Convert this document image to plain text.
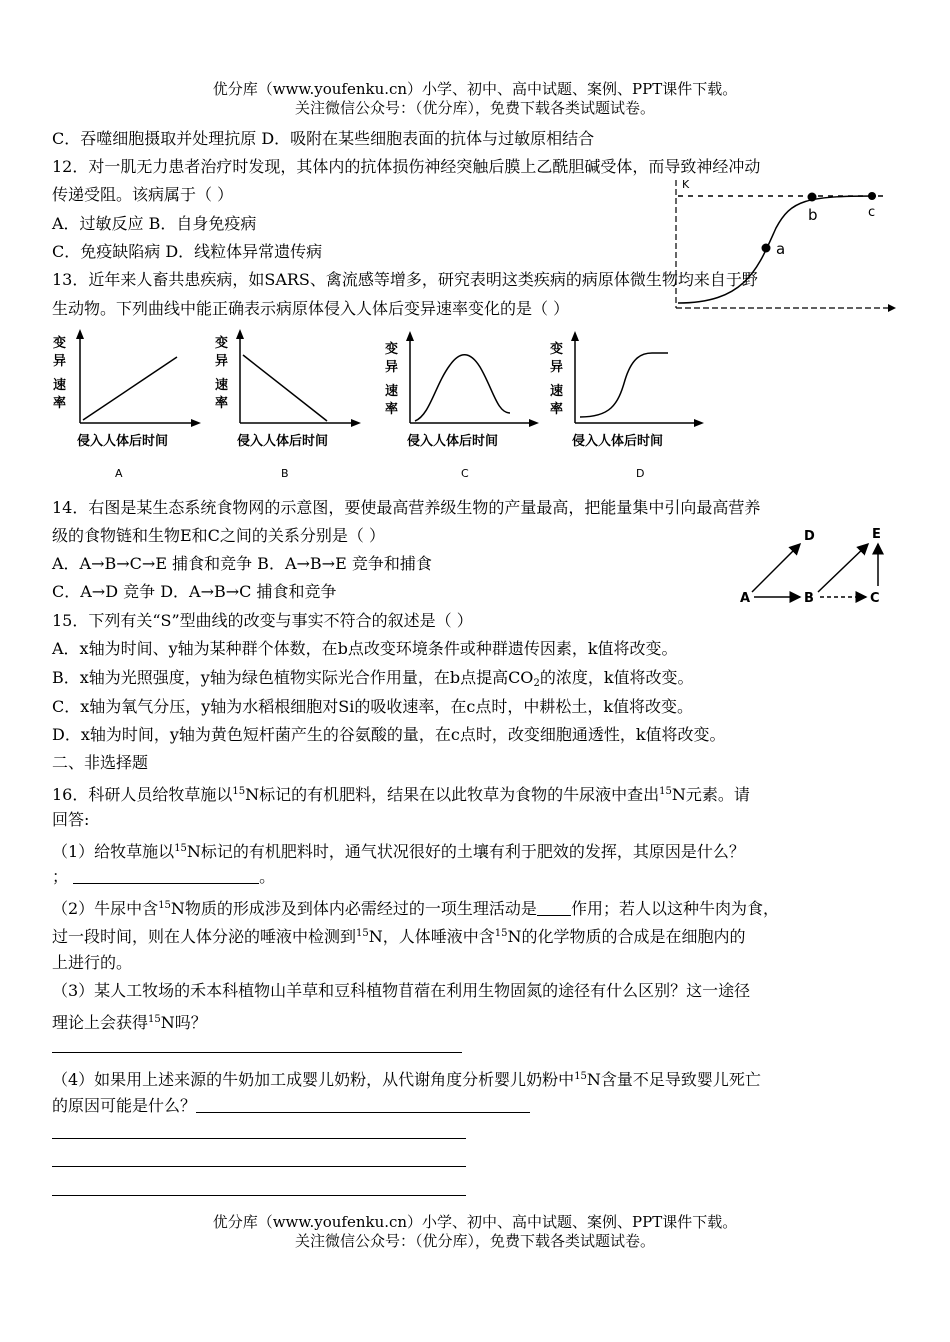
优分库（www.youfenku.cn）小学、初中、高中试题、案例、PPT课件下载。
关注微信公众号：（优分库），免费下载各类试题试卷。
C．吞噬细胞摄取并处理抗原 D．吸附在某些细胞表面的抗体与过敏原相结合
12．对一肌无力患者治疗时发现，其体内的抗体损伤神经突触后膜上乙酰胆碱受体，而导致神经冲动
传递受阻。该病属于（ ）
A．过敏反应 B．自身免疫病
C．免疫缺陷病 D．线粒体异常遗传病
K
a
b	c
13．近年来人畜共患疾病，如SARS、禽流感等增多，研究表明这类疾病的病原体微生物均来自于野
生动物。下列曲线中能正确表示病原体侵入人体后变异速率变化的是（ ）
变
异
速
率
侵入人体后时间
A
变
异
速
率
侵入人体后时间
B
变
异
速
率
侵入人体后时间
C
变
异
速
率
侵入人体后时间
D
14．右图是某生态系统食物网的示意图，要使最高营养级生物的产量最高，把能量集中引向最高营养
级的食物链和生物E和C之间的关系分别是（ ）
A．A→B→C→E 捕食和竞争 B．A→B→E 竞争和捕食
C．A→D 竞争 D．A→B→C 捕食和竞争	A	B	C
D	E
15．下列有关“S”型曲线的改变与事实不符合的叙述是（ ）
A．x轴为时间、y轴为某种群个体数，在b点改变环境条件或种群遗传因素，k值将改变。
B．x轴为光照强度，y轴为绿色植物实际光合作用量，在b点提高$CO_2$的浓度，k值将改变。
C．x轴为氧气分压，y轴为水稻根细胞对Si的吸收速率，在c点时，中耕松土，k值将改变。
D．x轴为时间，y轴为黄色短杆菌产生的谷氨酸的量，在c点时，改变细胞通透性，k值将改变。
二、非选择题
16．科研人员给牧草施以$^{15}$N标记的有机肥料，结果在以此牧草为食物的牛尿液中查出$^{15}$N元素。请
回答:
（1）给牧草施以$^{15}$N标记的有机肥料时，通气状况很好的土壤有利于肥效的发挥，其原因是什么？
；	。
（2）牛尿中含$^{15}$N物质的形成涉及到体内必需经过的一项生理活动是 作用；若人以这种牛肉为食，
过一段时间，则在人体分泌的唾液中检测到$^{15}$N，人体唾液中含$^{15}$N的化学物质的合成是在细胞内的
上进行的。
（3）某人工牧场的禾本科植物山羊草和豆科植物苜蓿在利用生物固氮的途径有什么区别？这一途径
理论上会获得$^{15}$N吗？
（4）如果用上述来源的牛奶加工成婴儿奶粉，从代谢角度分析婴儿奶粉中$^{15}$N含量不足导致婴儿死亡
的原因可能是什么？
优分库（www.youfenku.cn）小学、初中、高中试题、案例、PPT课件下载。
关注微信公众号：（优分库），免费下载各类试题试卷。
